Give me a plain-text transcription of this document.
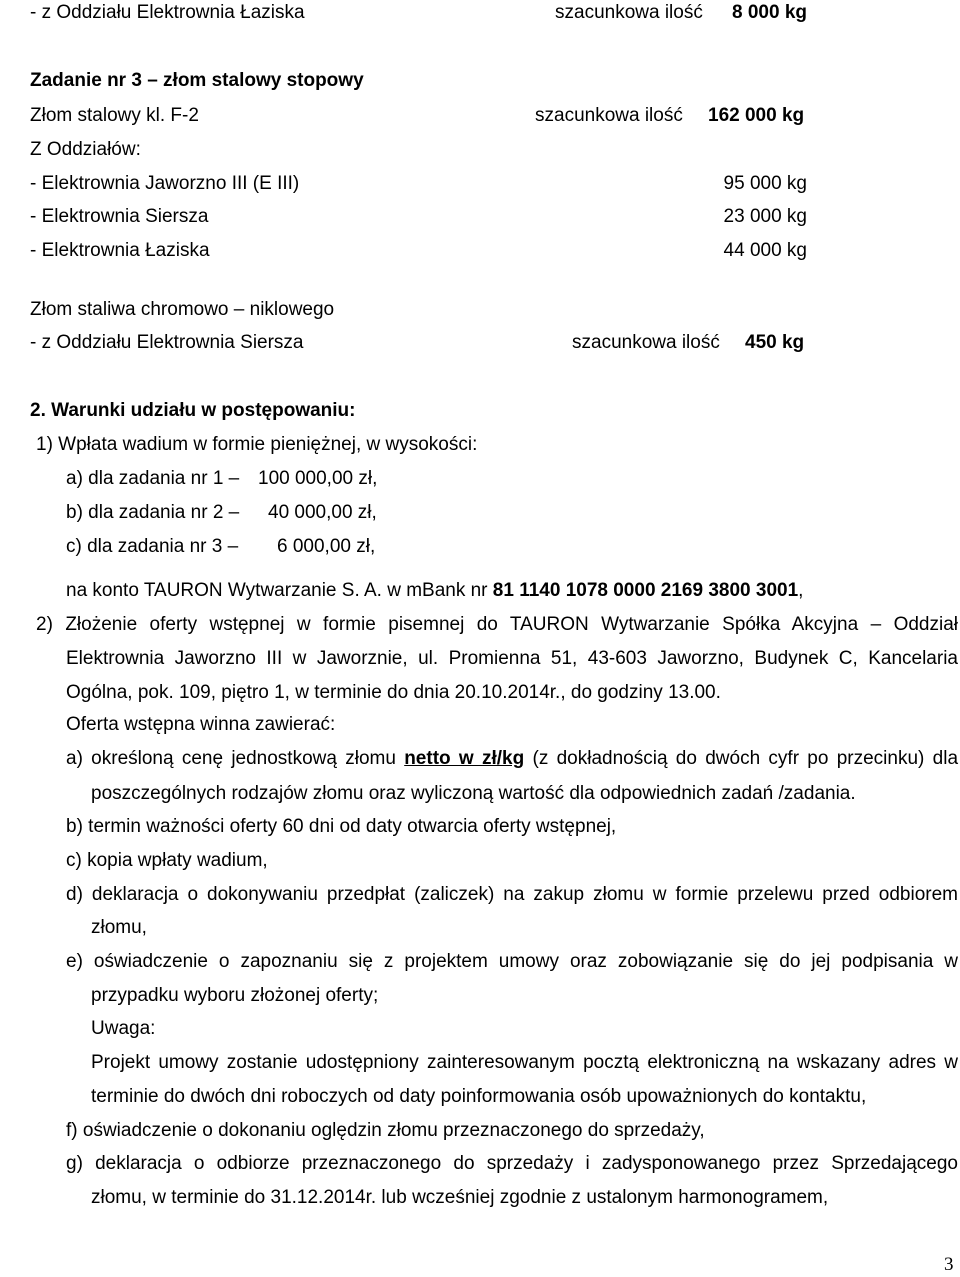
- z Oddziału Elektrownia Łaziska	szacunkowa ilość 8 000 kg
Zadanie nr 3 – złom stalowy stopowy
Złom stalowy kl. F-2	szacunkowa ilość 162 000 kg
Z Oddziałów:
- Elektrownia Jaworzno III (E III)	95 000 kg
- Elektrownia Siersza	23 000 kg
- Elektrownia Łaziska	44 000 kg
Złom staliwa chromowo – niklowego
- z Oddziału Elektrownia Siersza	szacunkowa ilość 450 kg
2. Warunki udziału w postępowaniu:
1) Wpłata wadium w formie pieniężnej, w wysokości:
a) dla zadania nr 1 – 100 000,00 zł,
b) dla zadania nr 2 – 40 000,00 zł,
c) dla zadania nr 3 – 6 000,00 zł,
na konto TAURON Wytwarzanie S. A. w mBank nr 81 1140 1078 0000 2169 3800 3001,
2) Złożenie oferty wstępnej w formie pisemnej do TAURON Wytwarzanie Spółka Akcyjna – Oddział
Elektrownia Jaworzno III w Jaworznie, ul. Promienna 51, 43-603 Jaworzno, Budynek C, Kancelaria
Ogólna, pok. 109, piętro 1, w terminie do dnia 20.10.2014r., do godziny 13.00.
Oferta wstępna winna zawierać:
a) określoną cenę jednostkową złomu netto w zł/kg (z dokładnością do dwóch cyfr po przecinku) dla
poszczególnych rodzajów złomu oraz wyliczoną wartość dla odpowiednich zadań /zadania.
b) termin ważności oferty 60 dni od daty otwarcia oferty wstępnej,
c) kopia wpłaty wadium,
d) deklaracja o dokonywaniu przedpłat (zaliczek) na zakup złomu w formie przelewu przed odbiorem
złomu,
e) oświadczenie o zapoznaniu się z projektem umowy oraz zobowiązanie się do jej podpisania w
przypadku wyboru złożonej oferty;
Uwaga:
Projekt umowy zostanie udostępniony zainteresowanym pocztą elektroniczną na wskazany adres w
terminie do dwóch dni roboczych od daty poinformowania osób upoważnionych do kontaktu,
f) oświadczenie o dokonaniu oględzin złomu przeznaczonego do sprzedaży,
g) deklaracja o odbiorze przeznaczonego do sprzedaży i zadysponowanego przez Sprzedającego
złomu, w terminie do 31.12.2014r. lub wcześniej zgodnie z ustalonym harmonogramem,
3
